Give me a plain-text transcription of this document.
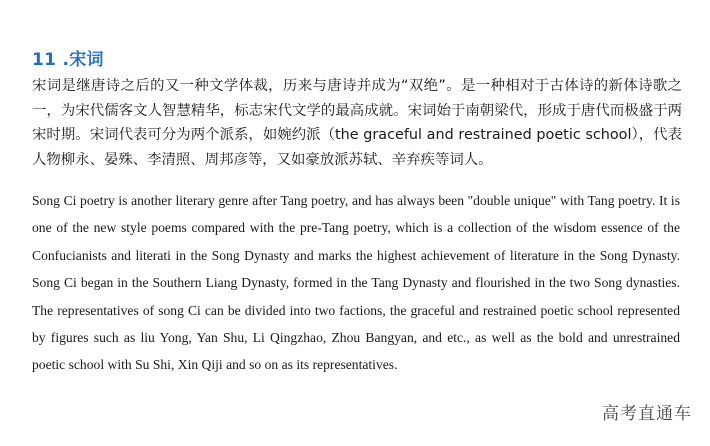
11 .宋词

宋词是继唐诗之后的又一种文学体裁，历来与唐诗并成为“双绝”。是一种相对于古体诗的新体诗歌之一，为宋代儒客文人智慧精华，标志宋代文学的最高成就。宋词始于南朝梁代，形成于唐代而极盛于两宋时期。宋词代表可分为两个派系，如婉约派（the graceful and restrained poetic school），代表人物柳永、晏殊、李清照、周邦彦等，又如豪放派苏轼、辛弃疾等词人。

Song Ci poetry is another literary genre after Tang poetry, and has always been "double unique" with Tang poetry. It is one of the new style poems compared with the pre-Tang poetry, which is a collection of the wisdom essence of the Confucianists and literati in the Song Dynasty and marks the highest achievement of literature in the Song Dynasty. Song Ci began in the Southern Liang Dynasty, formed in the Tang Dynasty and flourished in the two Song dynasties. The representatives of song Ci can be divided into two factions, the graceful and restrained poetic school represented by figures such as liu Yong, Yan Shu, Li Qingzhao, Zhou Bangyan, and etc., as well as the bold and unrestrained poetic school with Su Shi, Xin Qiji and so on as its representatives.

高考直通车
